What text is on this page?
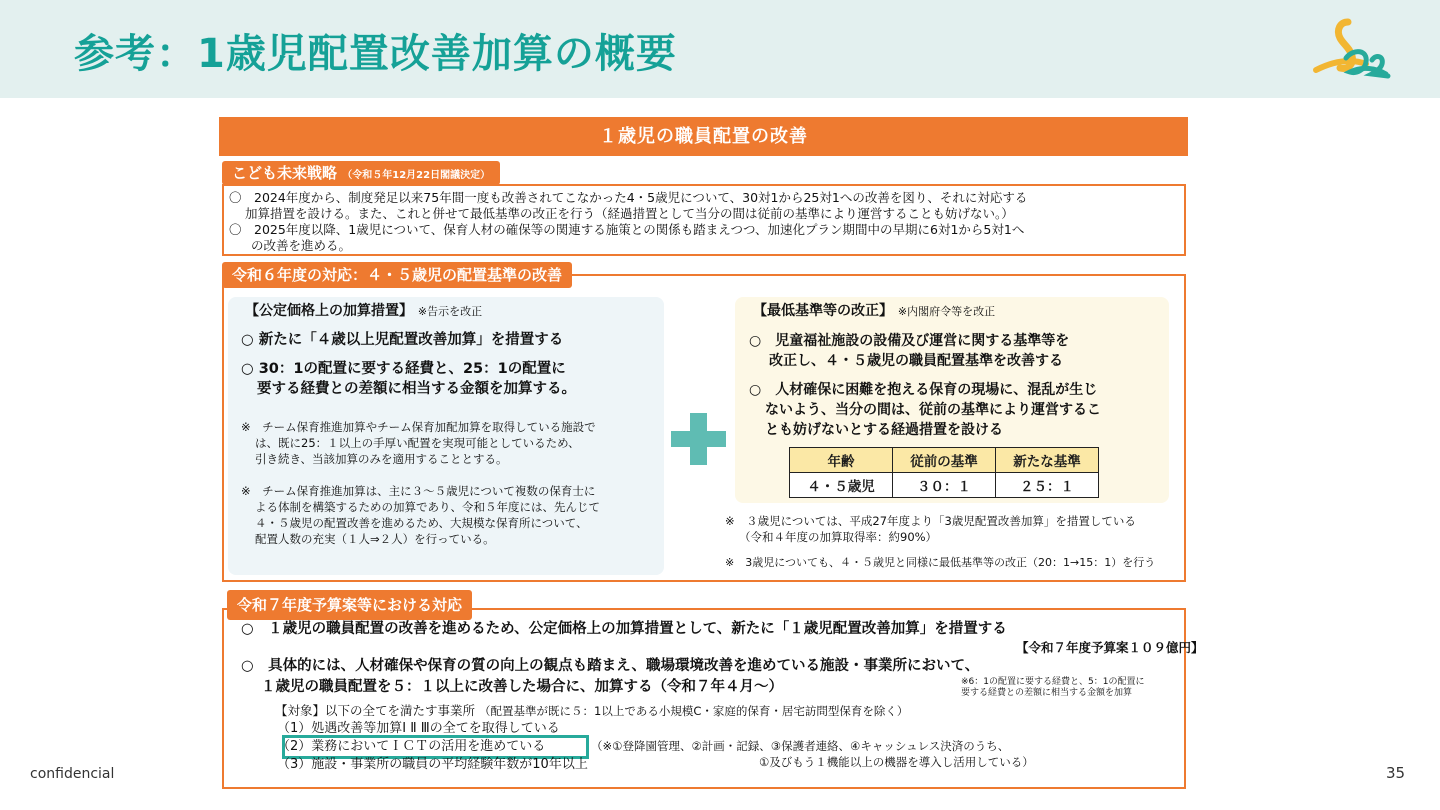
参考：1歳児配置改善加算の概要
１歳児の職員配置の改善
こども未来戦略 （令和５年12月22日閣議決定）
〇　2024年度から、制度発足以来75年間一度も改善されてこなかった4・5歳児について、30対1から25対1への改善を図り、それに対応する
加算措置を設ける。また、これと併せて最低基準の改正を行う（経過措置として当分の間は従前の基準により運営することも妨げない。）
〇　2025年度以降、1歳児について、保育人材の確保等の関連する施策との関係も踏まえつつ、加速化プラン期間中の早期に6対1から5対1へ
の改善を進める。
令和６年度の対応：４・５歳児の配置基準の改善
【公定価格上の加算措置】 ※告示を改正
○ 新たに「４歳以上児配置改善加算」を措置する
○ 30：1の配置に要する経費と、25：1の配置に
要する経費との差額に相当する金額を加算する。
※　チーム保育推進加算やチーム保育加配加算を取得している施設で
は、既に25：１以上の手厚い配置を実現可能としているため、
引き続き、当該加算のみを適用することとする。
※　チーム保育推進加算は、主に３～５歳児について複数の保育士に
よる体制を構築するための加算であり、令和５年度には、先んじて
４・５歳児の配置改善を進めるため、大規模な保育所について、
配置人数の充実（１人⇒２人）を行っている。
【最低基準等の改正】 ※内閣府令等を改正
○　児童福祉施設の設備及び運営に関する基準等を
改正し、４・５歳児の職員配置基準を改善する
○　人材確保に困難を抱える保育の現場に、混乱が生じ
ないよう、当分の間は、従前の基準により運営するこ
とも妨げないとする経過措置を設ける
年齢	従前の基準	新たな基準
４・５歳児	３０：１	２５：１
※　３歳児については、平成27年度より「3歳児配置改善加算」を措置している
（令和４年度の加算取得率：約90%）
※　3歳児についても、４・５歳児と同様に最低基準等の改正（20：1→15：1）を行う
令和７年度予算案等における対応
○　１歳児の職員配置の改善を進めるため、公定価格上の加算措置として、新たに「１歳児配置改善加算」を措置する
【令和７年度予算案１０９億円】
○　具体的には、人材確保や保育の質の向上の観点も踏まえ、職場環境改善を進めている施設・事業所において、
１歳児の職員配置を５：１以上に改善した場合に、加算する（令和７年４月～）	※6：1の配置に要する経費と、5：1の配置に
要する経費との差額に相当する金額を加算
【対象】以下の全てを満たす事業所 （配置基準が既に５：1以上である小規模C・家庭的保育・居宅訪問型保育を除く）
（1）処遇改善等加算Ⅰ Ⅱ Ⅲの全てを取得している
（2）業務においてＩＣＴの活用を進めている	（※①登降園管理、②計画・記録、③保護者連絡、④キャッシュレス決済のうち、
①及びもう１機能以上の機器を導入し活用している）
（3）施設・事業所の職員の平均経験年数が10年以上
confidencial	35
